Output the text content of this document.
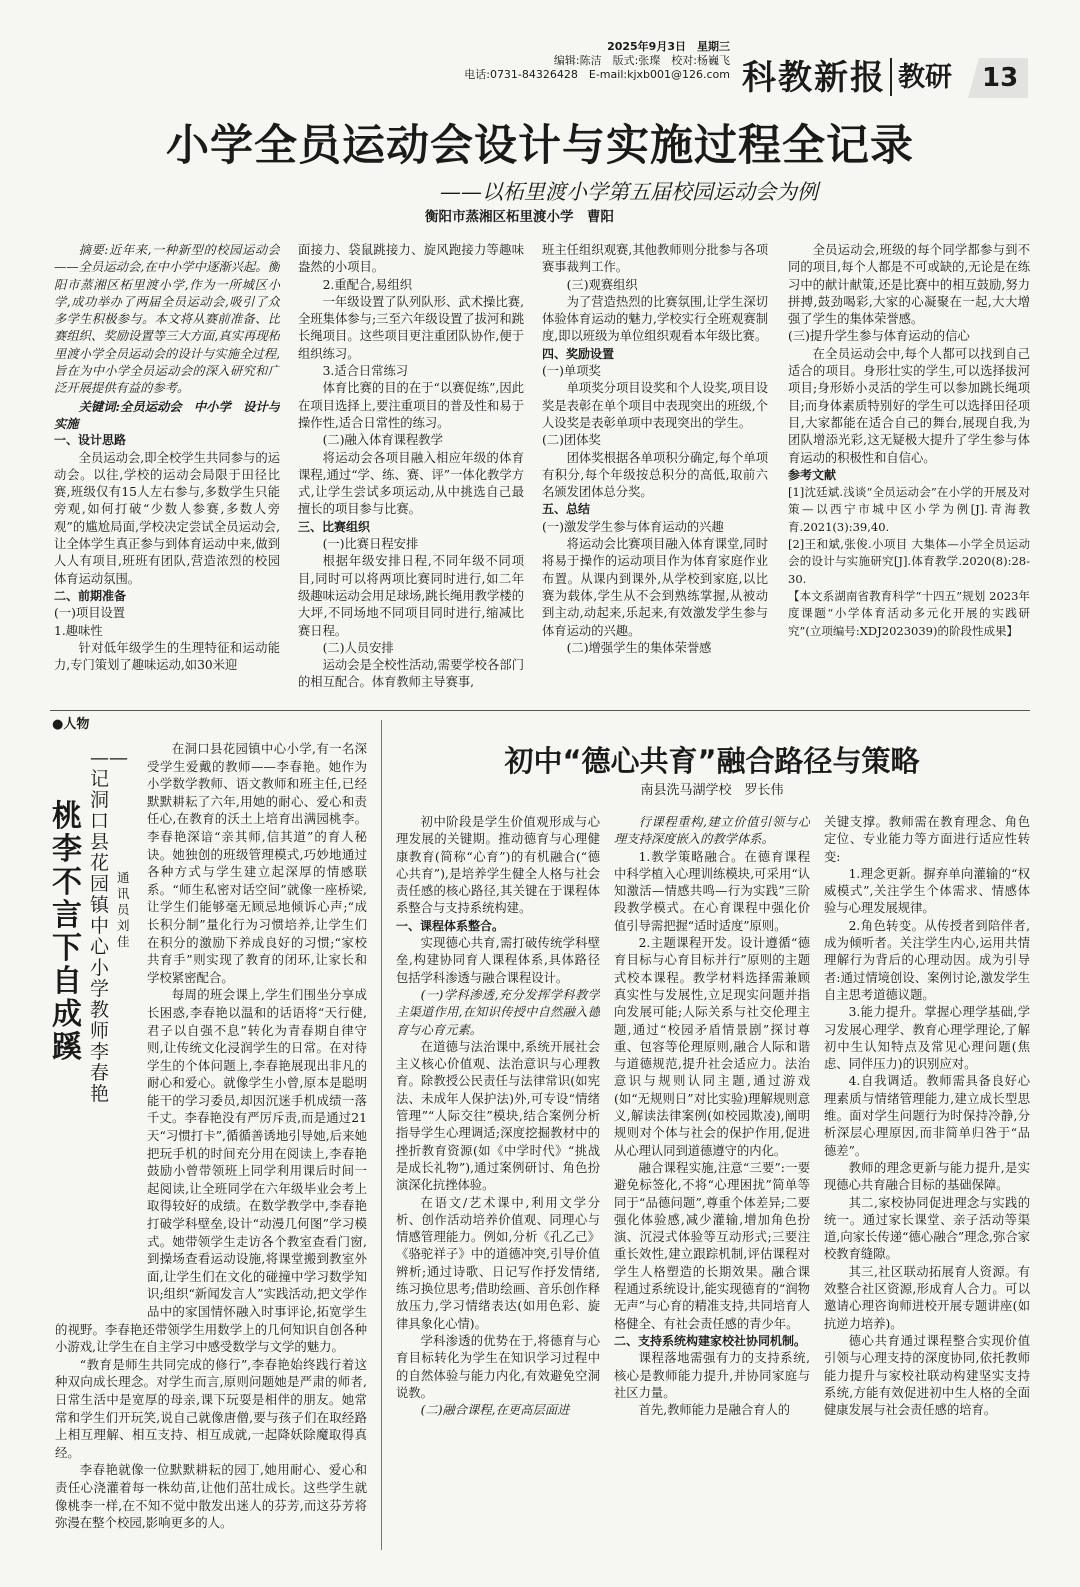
2025年9月3日　星期三
编辑:陈洁　版式:张璨　校对:杨巍飞
电话:0731-84326428　E-mail:kjxb001@126.com 科教新报 教研 13
小学全员运动会设计与实施过程全记录
——以柘里渡小学第五届校园运动会为例
衡阳市蒸湘区柘里渡小学　曹阳

摘要:近年来,一种新型的校园运动会——全员运动会,在中小学中逐渐兴起。衡阳市蒸湘区柘里渡小学,作为一所城区小学,成功举办了两届全员运动会,吸引了众多学生积极参与。本文将从赛前准备、比赛组织、奖励设置等三大方面,真实再现柘里渡小学全员运动会的设计与实施全过程,旨在为中小学全员运动会的深入研究和广泛开展提供有益的参考。

关键词:全员运动会　中小学　设计与实施

一、设计思路

全员运动会,即全校学生共同参与的运动会。以往,学校的运动会局限于田径比赛,班级仅有15人左右参与,多数学生只能旁观,如何打破“少数人参赛,多数人旁观”的尴尬局面,学校决定尝试全员运动会,让全体学生真正参与到体育运动中来,做到人人有项目,班班有团队,营造浓烈的校园体育运动氛围。

二、前期准备

(一)项目设置

1.趣味性

针对低年级学生的生理特征和运动能力,专门策划了趣味运动,如30米迎

面接力、袋鼠跳接力、旋风跑接力等趣味盎然的小项目。

2.重配合,易组织

一年级设置了队列队形、武术操比赛,全班集体参与;三至六年级设置了拔河和跳长绳项目。这些项目更注重团队协作,便于组织练习。

3.适合日常练习

体育比赛的目的在于“以赛促练”,因此在项目选择上,要注重项目的普及性和易于操作性,适合日常性的练习。

(二)融入体育课程教学

将运动会各项目融入相应年级的体育课程,通过“学、练、赛、评”一体化教学方式,让学生尝试多项运动,从中挑选自己最擅长的项目参与比赛。

三、比赛组织

(一)比赛日程安排

根据年级安排日程,不同年级不同项目,同时可以将两项比赛同时进行,如二年级趣味运动会用足球场,跳长绳用教学楼的大坪,不同场地不同项目同时进行,缩减比赛日程。

(二)人员安排

运动会是全校性活动,需要学校各部门的相互配合。体育教师主导赛事,

班主任组织观赛,其他教师则分批参与各项赛事裁判工作。

(三)观赛组织

为了营造热烈的比赛氛围,让学生深切体验体育运动的魅力,学校实行全班观赛制度,即以班级为单位组织观看本年级比赛。

四、奖励设置

(一)单项奖

单项奖分项目设奖和个人设奖,项目设奖是表彰在单个项目中表现突出的班级,个人设奖是表彰单项中表现突出的学生。

(二)团体奖

团体奖根据各单项积分确定,每个单项有积分,每个年级按总积分的高低,取前六名颁发团体总分奖。

五、总结

(一)激发学生参与体育运动的兴趣

将运动会比赛项目融入体育课堂,同时将易于操作的运动项目作为体育家庭作业布置。从课内到课外,从学校到家庭,以比赛为载体,学生从不会到熟练掌握,从被动到主动,动起来,乐起来,有效激发学生参与体育运动的兴趣。

(二)增强学生的集体荣誉感

全员运动会,班级的每个同学都参与到不同的项目,每个人都是不可或缺的,无论是在练习中的献计献策,还是比赛中的相互鼓励,努力拼搏,鼓劲喝彩,大家的心凝聚在一起,大大增强了学生的集体荣誉感。

(三)提升学生参与体育运动的信心

在全员运动会中,每个人都可以找到自己适合的项目。身形壮实的学生,可以选择拔河项目;身形娇小灵活的学生可以参加跳长绳项目;而身体素质特别好的学生可以选择田径项目,大家都能在适合自己的舞台,展现自我,为团队增添光彩,这无疑极大提升了学生参与体育运动的积极性和自信心。

参考文献

[1]沈廷斌.浅谈“全员运动会”在小学的开展及对策—以西宁市城中区小学为例[J].青海教育.2021(3):39,40.

[2]王和斌,张俊.小项目 大集体—小学全员运动会的设计与实施研究[J].体育教学.2020(8):28-30.

【本文系湖南省教育科学“十四五”规划 2023年度课题“小学体育活动多元化开展的实践研究”(立项编号:XDJ2023039)的阶段性成果】

●人物
——记洞口县花园镇中心小学教师李春艳
桃李不言 下自成蹊
通讯员　刘佳

在洞口县花园镇中心小学,有一名深受学生爱戴的教师——李春艳。她作为小学数学教师、语文教师和班主任,已经默默耕耘了六年,用她的耐心、爱心和责任心,在教育的沃土上培育出满园桃李。李春艳深谙“亲其师,信其道”的育人秘诀。她独创的班级管理模式,巧妙地通过各种方式与学生建立起深厚的情感联系。“师生私密对话空间”就像一座桥梁,让学生们能够毫无顾忌地倾诉心声;“成长积分制”量化行为习惯培养,让学生们在积分的激励下养成良好的习惯;“家校共育手”则实现了教育的闭环,让家长和学校紧密配合。

每周的班会课上,学生们围坐分享成长困惑,李春艳以温和的话语将“天行健,君子以自强不息”转化为青春期自律守则,让传统文化浸润学生的日常。在对待学生的个体问题上,李春艳展现出非凡的耐心和爱心。就像学生小曾,原本是聪明能干的学习委员,却因沉迷手机成绩一落千丈。李春艳没有严厉斥责,而是通过21天“习惯打卡”,循循善诱地引导她,后来她把玩手机的时间充分用在阅读上,李春艳鼓励小曾带领班上同学利用课后时间一起阅读,让全班同学在六年级毕业会考上取得较好的成绩。在数学教学中,李春艳打破学科壁垒,设计“动漫几何图”学习模式。她带领学生走访各个教室查看门窗,到操场查看运动设施,将课堂搬到教室外面,让学生们在文化的碰撞中学习数学知识;组织“新闻发言人”实践活动,把文学作品中的家国情怀融入时事评论,拓宽学生的视野。李春艳还带领学生用数学上的几何知识自创各种小游戏,让学生在自主学习中感受数学与文学的魅力。

“教育是师生共同完成的修行”,李春艳始终践行着这种双向成长理念。对学生而言,原则问题她是严肃的师者,日常生活中是宽厚的母亲,课下玩耍是相伴的朋友。她常常和学生们开玩笑,说自己就像唐僧,要与孩子们在取经路上相互理解、相互支持、相互成就,一起降妖除魔取得真经。

李春艳就像一位默默耕耘的园丁,她用耐心、爱心和责任心浇灌着每一株幼苗,让他们茁壮成长。这些学生就像桃李一样,在不知不觉中散发出迷人的芬芳,而这芬芳将弥漫在整个校园,影响更多的人。

初中“德心共育”融合路径与策略
南县洗马湖学校　罗长伟

初中阶段是学生价值观形成与心理发展的关键期。推动德育与心理健康教育(简称“心育”)的有机融合(“德心共育”),是培养学生健全人格与社会责任感的核心路径,其关键在于课程体系整合与支持系统构建。

一、课程体系整合。

实现德心共育,需打破传统学科壁垒,构建协同育人课程体系,具体路径包括学科渗透与融合课程设计。

(一)学科渗透,充分发挥学科教学主渠道作用,在知识传授中自然融入德育与心育元素。

在道德与法治课中,系统开展社会主义核心价值观、法治意识与心理教育。除教授公民责任与法律常识(如宪法、未成年人保护法)外,可专设“情绪管理”“人际交往”模块,结合案例分析指导学生心理调适;深度挖掘教材中的挫折教育资源(如《中学时代》“挑战是成长礼物”),通过案例研讨、角色扮演深化抗挫体验。

在语文/艺术课中,利用文学分析、创作活动培养价值观、同理心与情感管理能力。例如,分析《孔乙己》《骆驼祥子》中的道德冲突,引导价值辨析;通过诗歌、日记写作抒发情绪,练习换位思考;借助绘画、音乐创作释放压力,学习情绪表达(如用色彩、旋律具象化心情)。

学科渗透的优势在于,将德育与心育目标转化为学生在知识学习过程中的自然体验与能力内化,有效避免空洞说教。

(二)融合课程,在更高层面进

行课程重构,建立价值引领与心理支持深度嵌入的教学体系。

1.教学策略融合。在德育课程中科学植入心理训练模块,可采用“认知激活—情感共鸣—行为实践”三阶段教学模式。在心育课程中强化价值引导需把握“适时适度”原则。

2.主题课程开发。设计遵循“德育目标与心育目标并行”原则的主题式校本课程。教学材料选择需兼顾真实性与发展性,立足现实问题并指向发展可能;人际关系与社交伦理主题,通过“校园矛盾情景剧”探讨尊重、包容等伦理原则,融合人际和谐与道德规范,提升社会适应力。法治意识与规则认同主题,通过游戏(如“无规则日”对比实验)理解规则意义,解读法律案例(如校园欺凌),阐明规则对个体与社会的保护作用,促进从心理认同到道德遵守的内化。

融合课程实施,注意“三要”:一要避免标签化,不将“心理困扰”简单等同于“品德问题”,尊重个体差异;二要强化体验感,减少灌输,增加角色扮演、沉浸式体验等互动形式;三要注重长效性,建立跟踪机制,评估课程对学生人格塑造的长期效果。融合课程通过系统设计,能实现德育的“润物无声”与心育的精准支持,共同培育人格健全、有社会责任感的青少年。

二、支持系统构建家校社协同机制。

课程落地需强有力的支持系统,核心是教师能力提升,并协同家庭与社区力量。

首先,教师能力是融合育人的

关键支撑。教师需在教育理念、角色定位、专业能力等方面进行适应性转变:

1.理念更新。摒弃单向灌输的“权威模式”,关注学生个体需求、情感体验与心理发展规律。

2.角色转变。从传授者到陪伴者,成为倾听者。关注学生内心,运用共情理解行为背后的心理动因。成为引导者:通过情境创设、案例讨论,激发学生自主思考道德议题。

3.能力提升。掌握心理学基础,学习发展心理学、教育心理学理论,了解初中生认知特点及常见心理问题(焦虑、同伴压力)的识别应对。

4.自我调适。教师需具备良好心理素质与情绪管理能力,建立成长型思维。面对学生问题行为时保持冷静,分析深层心理原因,而非简单归咎于“品德差”。

教师的理念更新与能力提升,是实现德心共育融合目标的基础保障。

其二,家校协同促进理念与实践的统一。通过家长课堂、亲子活动等渠道,向家长传递“德心融合”理念,弥合家校教育缝隙。

其三,社区联动拓展育人资源。有效整合社区资源,形成育人合力。可以邀请心理咨询师进校开展专题讲座(如抗逆力培养)。

德心共育通过课程整合实现价值引领与心理支持的深度协同,依托教师能力提升与家校社联动构建坚实支持系统,方能有效促进初中生人格的全面健康发展与社会责任感的培育。
